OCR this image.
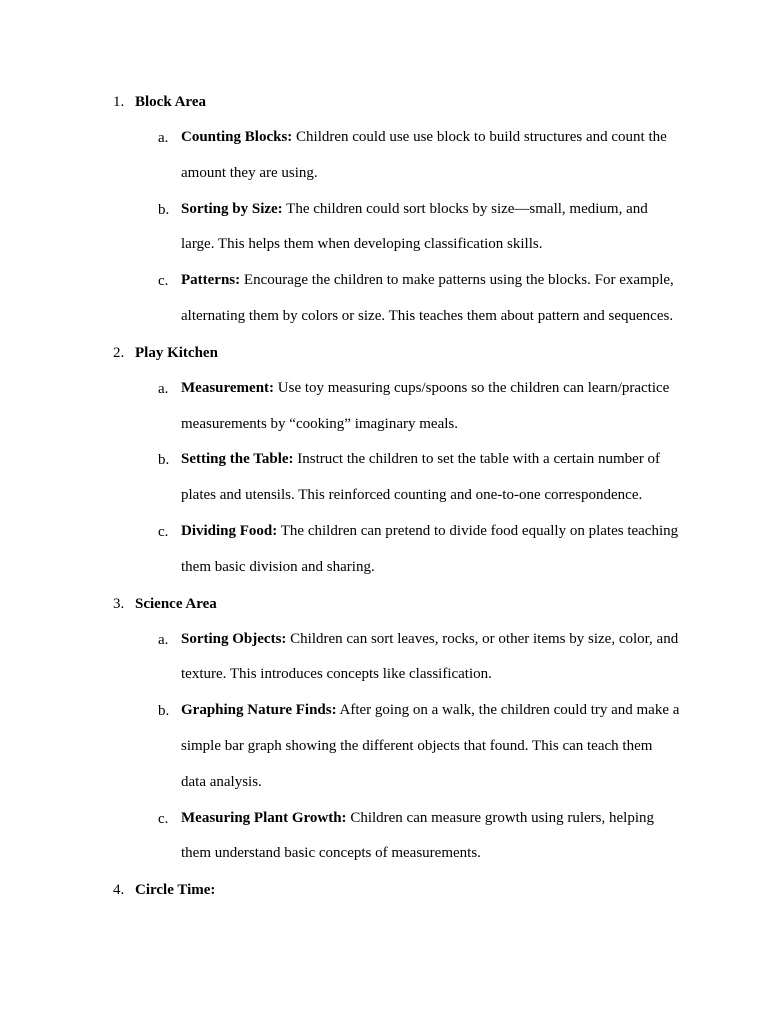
1. Block Area
a. Counting Blocks: Children could use use block to build structures and count the amount they are using.

b. Sorting by Size: The children could sort blocks by size—small, medium, and large. This helps them when developing classification skills.

c. Patterns: Encourage the children to make patterns using the blocks. For example, alternating them by colors or size. This teaches them about pattern and sequences.

2. Play Kitchen
a. Measurement: Use toy measuring cups/spoons so the children can learn/practice measurements by “cooking” imaginary meals.

b. Setting the Table: Instruct the children to set the table with a certain number of plates and utensils. This reinforced counting and one-to-one correspondence.

c. Dividing Food: The children can pretend to divide food equally on plates teaching them basic division and sharing.

3. Science Area
a. Sorting Objects: Children can sort leaves, rocks, or other items by size, color, and texture. This introduces concepts like classification.

b. Graphing Nature Finds: After going on a walk, the children could try and make a simple bar graph showing the different objects that found. This can teach them data analysis.

c. Measuring Plant Growth: Children can measure growth using rulers, helping them understand basic concepts of measurements.

4. Circle Time:
